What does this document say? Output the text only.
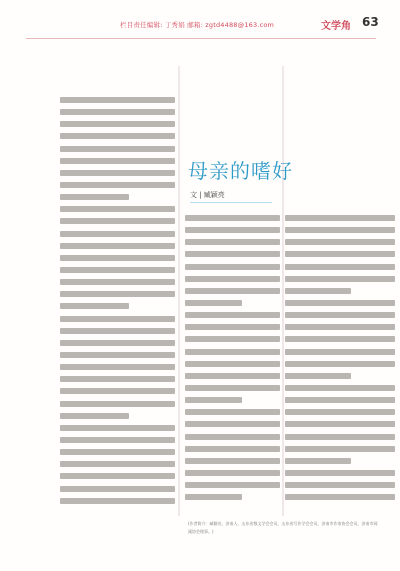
栏目责任编辑: 丁秀娟 邮箱: zgtd4488@163.com	文学角 63
母亲的嗜好
文 | 臧颖亮
(作者简介：臧颖亮，济南人，山东省散文学会会员，山东省写作学会会员，济南市作家协会会员，济南市闻溪协会理事。)
